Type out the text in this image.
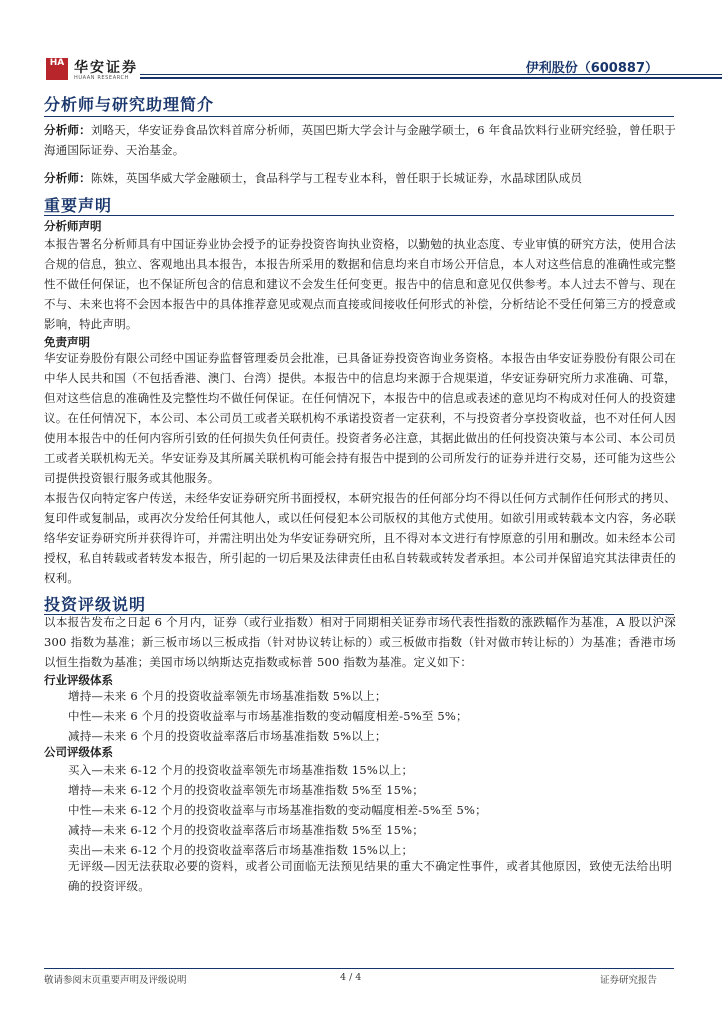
HA 华安证券
HUAAN RESEARCH
伊利股份（600887）
分析师与研究助理简介
分析师：刘略天，华安证券食品饮料首席分析师，英国巴斯大学会计与金融学硕士，6 年食品饮料行业研究经验，曾任职于海通国际证券、天治基金。
分析师：陈姝，英国华威大学金融硕士，食品科学与工程专业本科，曾任职于长城证券，水晶球团队成员
重要声明
分析师声明
本报告署名分析师具有中国证券业协会授予的证券投资咨询执业资格，以勤勉的执业态度、专业审慎的研究方法，使用合法合规的信息，独立、客观地出具本报告，本报告所采用的数据和信息均来自市场公开信息，本人对这些信息的准确性或完整性不做任何保证，也不保证所包含的信息和建议不会发生任何变更。报告中的信息和意见仅供参考。本人过去不曾与、现在不与、未来也将不会因本报告中的具体推荐意见或观点而直接或间接收任何形式的补偿，分析结论不受任何第三方的授意或影响，特此声明。
免责声明
华安证券股份有限公司经中国证券监督管理委员会批准，已具备证券投资咨询业务资格。本报告由华安证券股份有限公司在中华人民共和国（不包括香港、澳门、台湾）提供。本报告中的信息均来源于合规渠道，华安证券研究所力求准确、可靠，但对这些信息的准确性及完整性均不做任何保证。在任何情况下，本报告中的信息或表述的意见均不构成对任何人的投资建议。在任何情况下，本公司、本公司员工或者关联机构不承诺投资者一定获利，不与投资者分享投资收益，也不对任何人因使用本报告中的任何内容所引致的任何损失负任何责任。投资者务必注意，其据此做出的任何投资决策与本公司、本公司员工或者关联机构无关。华安证券及其所属关联机构可能会持有报告中提到的公司所发行的证券并进行交易，还可能为这些公司提供投资银行服务或其他服务。
本报告仅向特定客户传送，未经华安证券研究所书面授权，本研究报告的任何部分均不得以任何方式制作任何形式的拷贝、复印件或复制品，或再次分发给任何其他人，或以任何侵犯本公司版权的其他方式使用。如欲引用或转载本文内容，务必联络华安证券研究所并获得许可，并需注明出处为华安证券研究所，且不得对本文进行有悖原意的引用和删改。如未经本公司授权，私自转载或者转发本报告，所引起的一切后果及法律责任由私自转载或转发者承担。本公司并保留追究其法律责任的权利。
投资评级说明
以本报告发布之日起 6 个月内，证券（或行业指数）相对于同期相关证券市场代表性指数的涨跌幅作为基准，A 股以沪深 300 指数为基准；新三板市场以三板成指（针对协议转让标的）或三板做市指数（针对做市转让标的）为基准；香港市场以恒生指数为基准；美国市场以纳斯达克指数或标普 500 指数为基准。定义如下：
行业评级体系
增持—未来 6 个月的投资收益率领先市场基准指数 5%以上；
中性—未来 6 个月的投资收益率与市场基准指数的变动幅度相差-5%至 5%；
减持—未来 6 个月的投资收益率落后市场基准指数 5%以上；
公司评级体系
买入—未来 6-12 个月的投资收益率领先市场基准指数 15%以上；
增持—未来 6-12 个月的投资收益率领先市场基准指数 5%至 15%；
中性—未来 6-12 个月的投资收益率与市场基准指数的变动幅度相差-5%至 5%；
减持—未来 6-12 个月的投资收益率落后市场基准指数 5%至 15%；
卖出—未来 6-12 个月的投资收益率落后市场基准指数 15%以上；
无评级—因无法获取必要的资料，或者公司面临无法预见结果的重大不确定性事件，或者其他原因，致使无法给出明确的投资评级。
敬请参阅末页重要声明及评级说明	4 / 4	证券研究报告
